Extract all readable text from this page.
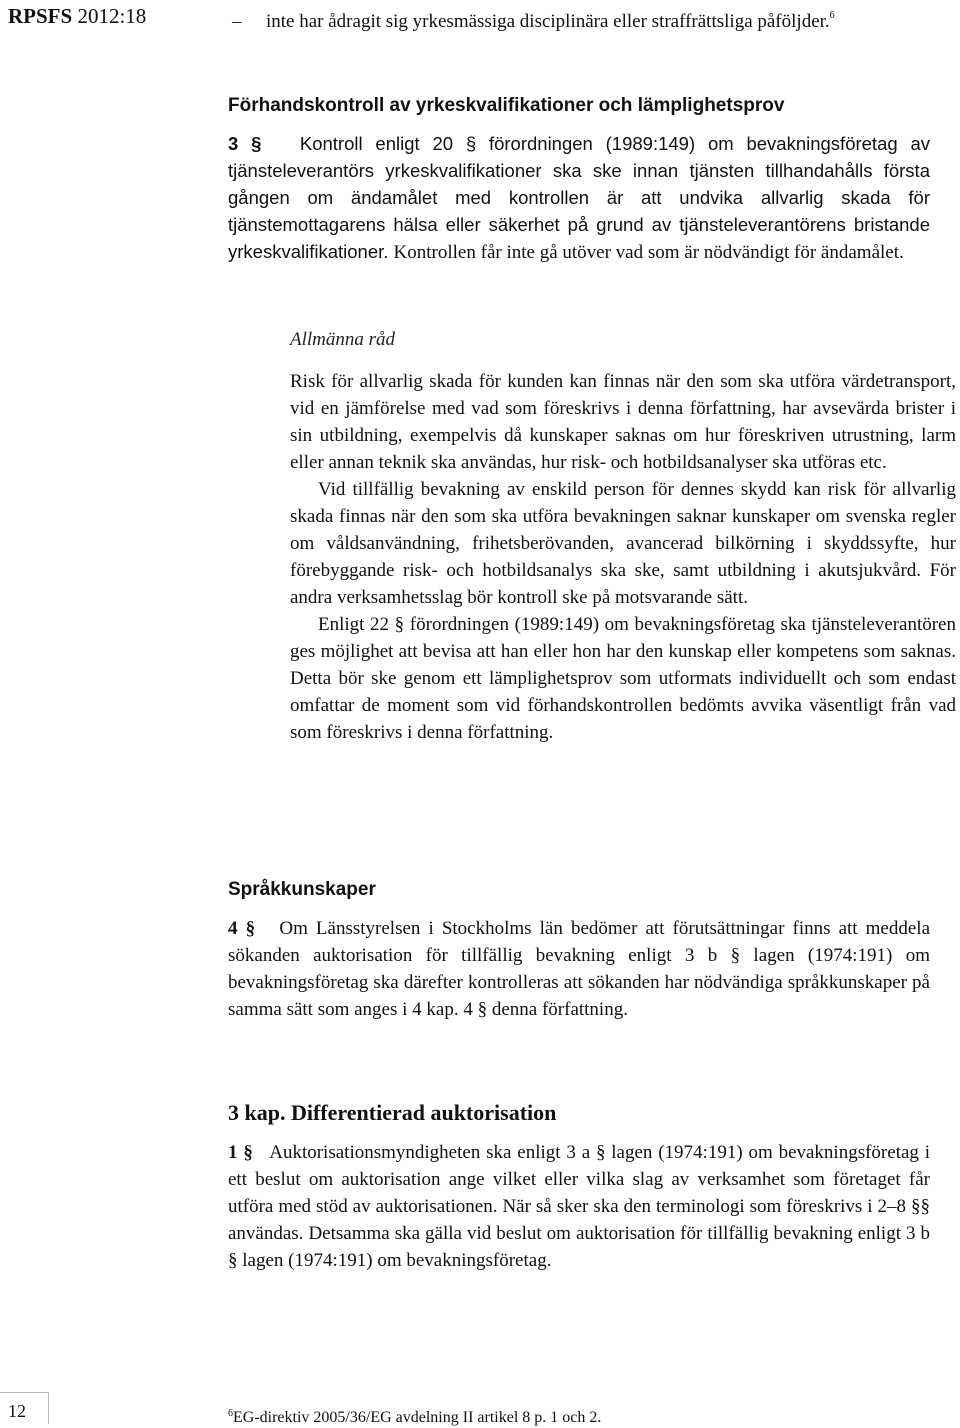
RPSFS 2012:18	– inte har ådragit sig yrkesmässiga disciplinära eller straffrättsliga påföljder.$^6$
Förhandskontroll av yrkeskvalifikationer och lämplighetsprov

3 § Kontroll enligt 20 § förordningen (1989:149) om bevakningsföretag av tjänsteleverantörs yrkeskvalifikationer ska ske innan tjänsten tillhandahålls första gången om ändamålet med kontrollen är att undvika allvarlig skada för tjänstemottagarens hälsa eller säkerhet på grund av tjänsteleverantörens bristande yrkeskvalifikationer. Kontrollen får inte gå utöver vad som är nödvändigt för ändamålet.

Allmänna råd

Risk för allvarlig skada för kunden kan finnas när den som ska utföra värdetransport, vid en jämförelse med vad som föreskrivs i denna författning, har avsevärda brister i sin utbildning, exempelvis då kunskaper saknas om hur föreskriven utrustning, larm eller annan teknik ska användas, hur risk- och hotbildsanalyser ska utföras etc.

Vid tillfällig bevakning av enskild person för dennes skydd kan risk för allvarlig skada finnas när den som ska utföra bevakningen saknar kunskaper om svenska regler om våldsanvändning, frihetsberövanden, avancerad bilkörning i skyddssyfte, hur förebyggande risk- och hotbildsanalys ska ske, samt utbildning i akutsjukvård. För andra verksamhetsslag bör kontroll ske på motsvarande sätt.

Enligt 22 § förordningen (1989:149) om bevakningsföretag ska tjänsteleverantören ges möjlighet att bevisa att han eller hon har den kunskap eller kompetens som saknas. Detta bör ske genom ett lämplighetsprov som utformats individuellt och som endast omfattar de moment som vid förhandskontrollen bedömts avvika väsentligt från vad som föreskrivs i denna författning.

Språkkunskaper

4 § Om Länsstyrelsen i Stockholms län bedömer att förutsättningar finns att meddela sökanden auktorisation för tillfällig bevakning enligt 3 b § lagen (1974:191) om bevakningsföretag ska därefter kontrolleras att sökanden har nödvändiga språkkunskaper på samma sätt som anges i 4 kap. 4 § denna författning.

3 kap. Differentierad auktorisation

1 § Auktorisationsmyndigheten ska enligt 3 a § lagen (1974:191) om bevakningsföretag i ett beslut om auktorisation ange vilket eller vilka slag av verksamhet som företaget får utföra med stöd av auktorisationen. När så sker ska den terminologi som föreskrivs i 2–8 §§ användas. Detsamma ska gälla vid beslut om auktorisation för tillfällig bevakning enligt 3 b § lagen (1974:191) om bevakningsföretag.

$^6$EG-direktiv 2005/36/EG avdelning II artikel 8 p. 1 och 2.
12
